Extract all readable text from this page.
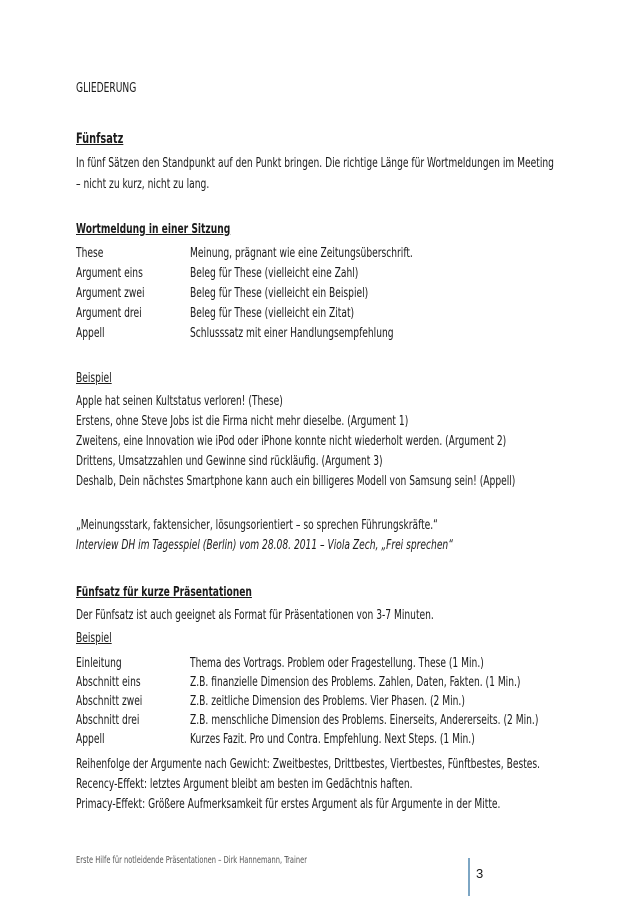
GLIEDERUNG
Fünfsatz
In fünf Sätzen den Standpunkt auf den Punkt bringen. Die richtige Länge für Wortmeldungen im Meeting
– nicht zu kurz, nicht zu lang.
Wortmeldung in einer Sitzung
These	Meinung, prägnant wie eine Zeitungsüberschrift.
Argument eins	Beleg für These (vielleicht eine Zahl)
Argument zwei	Beleg für These (vielleicht ein Beispiel)
Argument drei	Beleg für These (vielleicht ein Zitat)
Appell	Schlusssatz mit einer Handlungsempfehlung
Beispiel
Apple hat seinen Kultstatus verloren! (These)
Erstens, ohne Steve Jobs ist die Firma nicht mehr dieselbe. (Argument 1)
Zweitens, eine Innovation wie iPod oder iPhone konnte nicht wiederholt werden. (Argument 2)
Drittens, Umsatzzahlen und Gewinne sind rückläufig. (Argument 3)
Deshalb, Dein nächstes Smartphone kann auch ein billigeres Modell von Samsung sein! (Appell)
„Meinungsstark, faktensicher, lösungsorientiert – so sprechen Führungskräfte.“
Interview DH im Tagesspiel (Berlin) vom 28.08. 2011 – Viola Zech, „Frei sprechen“
Fünfsatz für kurze Präsentationen
Der Fünfsatz ist auch geeignet als Format für Präsentationen von 3-7 Minuten.
Beispiel
Einleitung	Thema des Vortrags. Problem oder Fragestellung. These (1 Min.)
Abschnitt eins	Z.B. finanzielle Dimension des Problems. Zahlen, Daten, Fakten. (1 Min.)
Abschnitt zwei	Z.B. zeitliche Dimension des Problems. Vier Phasen. (2 Min.)
Abschnitt drei	Z.B. menschliche Dimension des Problems. Einerseits, Andererseits. (2 Min.)
Appell	Kurzes Fazit. Pro und Contra. Empfehlung. Next Steps. (1 Min.)
Reihenfolge der Argumente nach Gewicht: Zweitbestes, Drittbestes, Viertbestes, Fünftbestes, Bestes.
Recency-Effekt: letztes Argument bleibt am besten im Gedächtnis haften.
Primacy-Effekt: Größere Aufmerksamkeit für erstes Argument als für Argumente in der Mitte.
Erste Hilfe für notleidende Präsentationen – Dirk Hannemann, Trainer
3
